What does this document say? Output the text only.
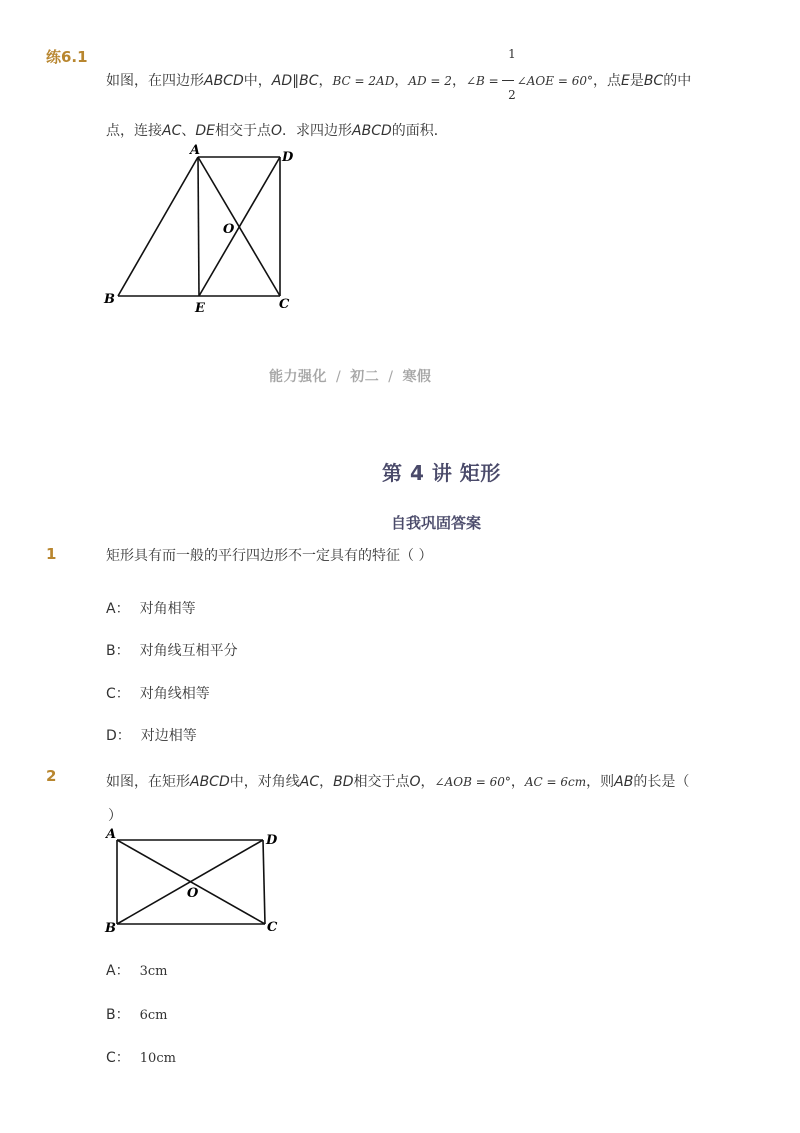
练6.1
如图，在四边形ABCD中，AD∥BC，BC = 2AD，AD = 2，∠B = ∠AOE = 60°，点E是BC的中
1
2
点，连接AC、DE相交于点O．求四边形ABCD的面积．
A	D
O
B
E	C
能力强化 / 初二 / 寒假
第 4 讲 矩形
自我巩固答案
1	矩形具有而一般的平行四边形不一定具有的特征（ ）
A： 对角相等
B： 对角线互相平分
C： 对角线相等
D： 对边相等
2	如图，在矩形ABCD中，对角线AC，BD相交于点O，∠AOB = 60°，AC = 6cm，则AB的长是（
）
A	D
O
B	C
A： 3cm
B： 6cm
C： 10cm
